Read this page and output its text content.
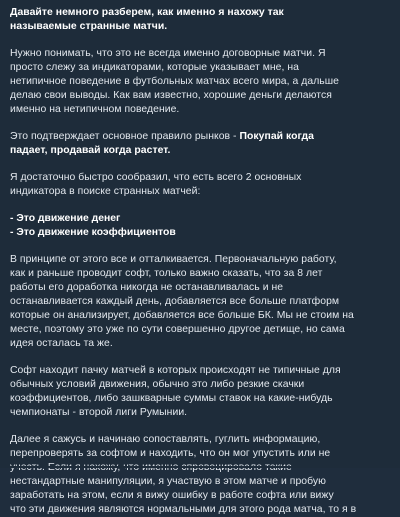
Давайте немного разберем, как именно я нахожу так
называемые странные матчи.

Нужно понимать, что это не всегда именно договорные матчи. Я
просто слежу за индикаторами, которые указывает мне, на
нетипичное поведение в футбольных матчах всего мира, а дальше
делаю свои выводы. Как вам известно, хорошие деньги делаются
именно на нетипичном поведение.

Это подтверждает основное правило рынков - Покупай когда
падает, продавай когда растет.

Я достаточно быстро сообразил, что есть всего 2 основных
индикатора в поиске странных матчей:

- Это движение денег
- Это движение коэффициентов

В принципе от этого все и отталкивается. Первоначальную работу,
как и раньше проводит софт, только важно сказать, что за 8 лет
работы его доработка никогда не останавливалась и не
останавливается каждый день, добавляется все больше платформ
которые он анализирует, добавляется все больше БК. Мы не стоим на
месте, поэтому это уже по сути совершенно другое детище, но сама
идея осталась та же.

Софт находит пачку матчей в которых происходят не типичные для
обычных условий движения, обычно это либо резкие скачки
коэффициентов, либо зашкварные суммы ставок на какие-нибудь
чемпионаты - второй лиги Румынии.

Далее я сажусь и начинаю сопоставлять, гуглить информацию,
перепроверять за софтом и находить, что он мог упустить или не

нестандартные манипуляции, я участвую в этом матче и пробую
заработать на этом, если я вижу ошибку в работе софта или вижу
что эти движения являются нормальными для этого рода матча, то я в
